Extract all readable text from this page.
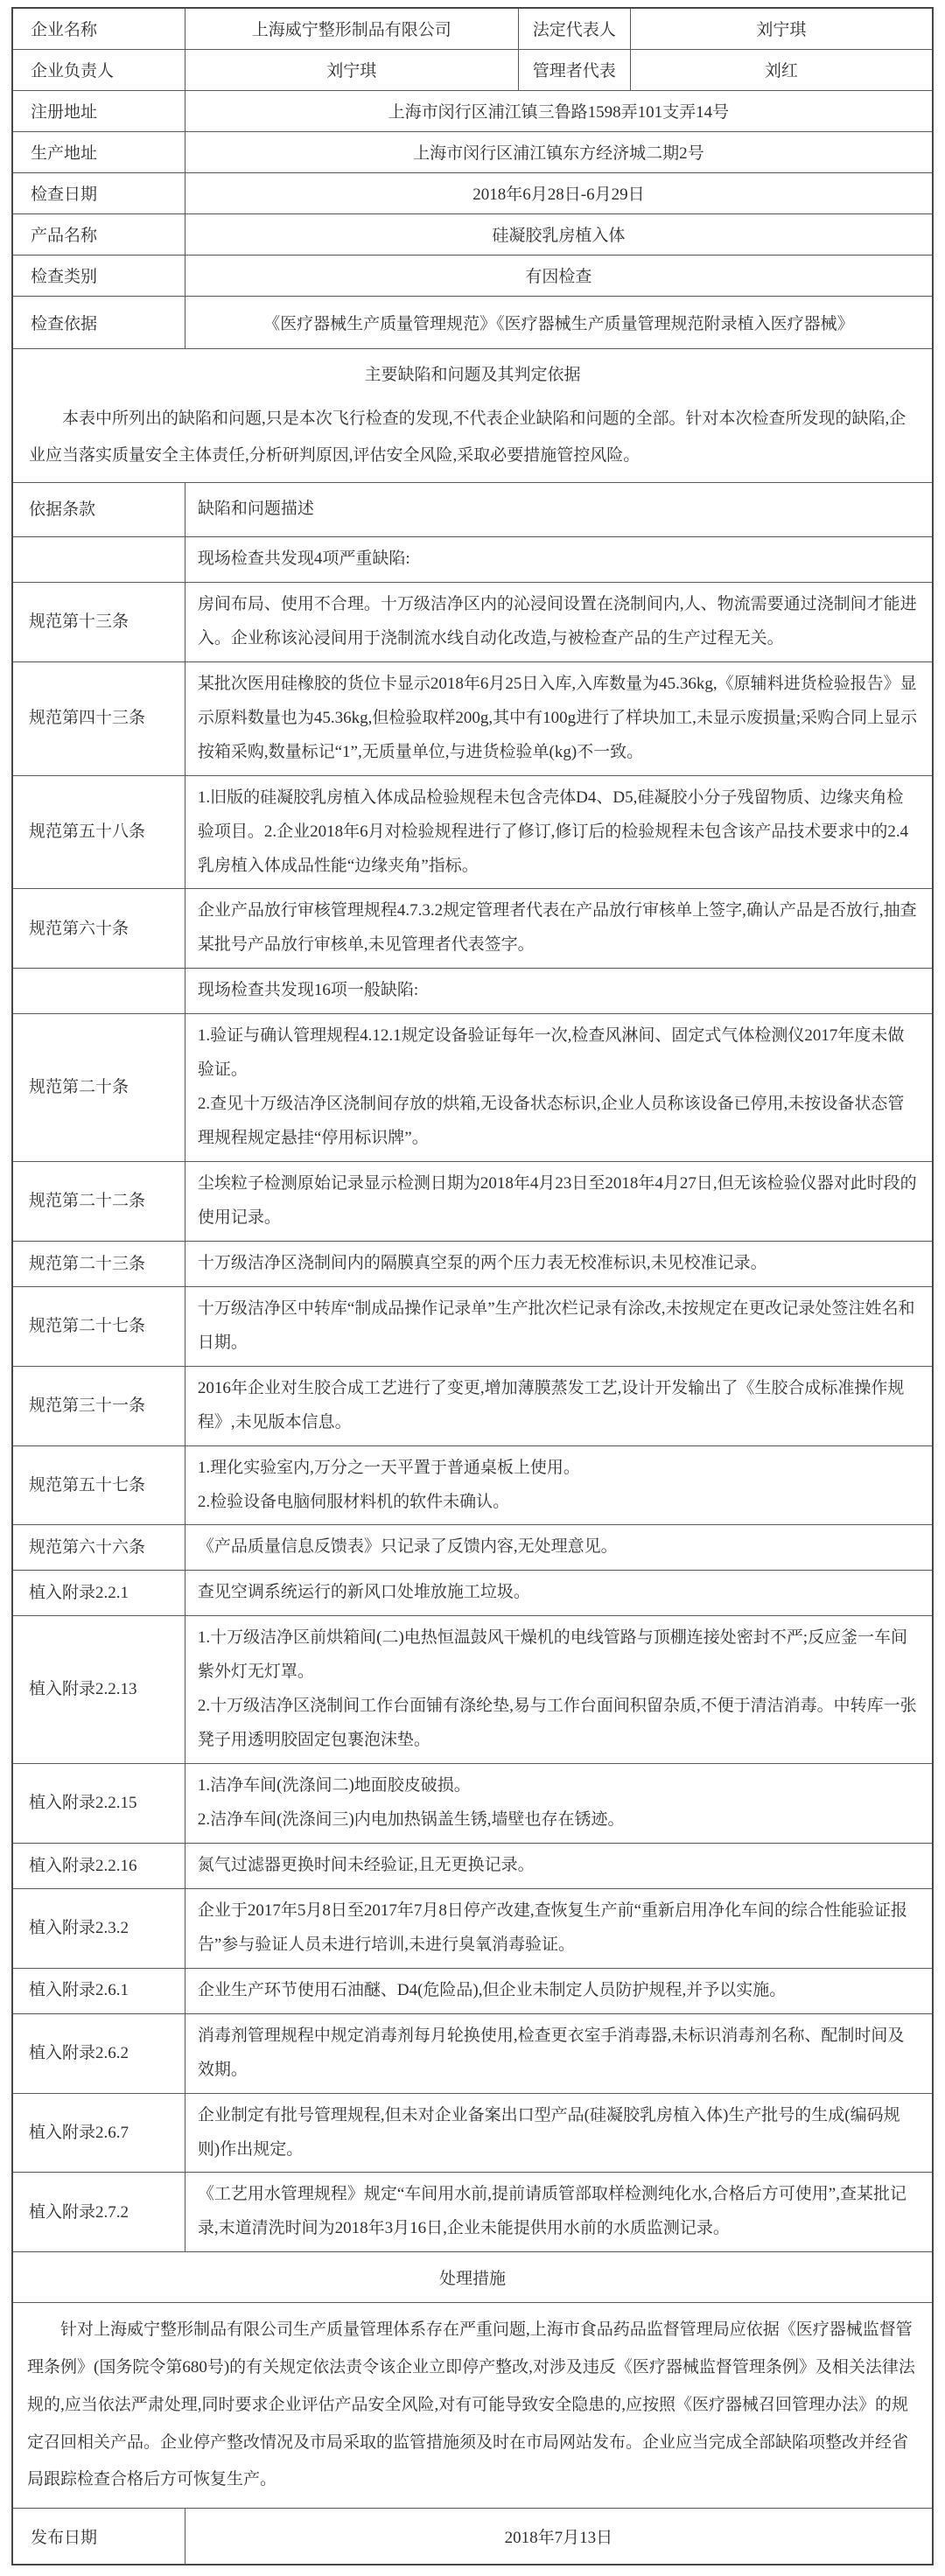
企业名称	上海威宁整形制品有限公司	法定代表人	刘宁琪
企业负责人	刘宁琪	管理者代表	刘红
注册地址	上海市闵行区浦江镇三鲁路1598弄101支弄14号		
生产地址	上海市闵行区浦江镇东方经济城二期2号		
检查日期	2018年6月28日-6月29日		
产品名称	硅凝胶乳房植入体		
检查类别	有因检查		
检查依据	《医疗器械生产质量管理规范》《医疗器械生产质量管理规范附录植入医疗器械》		

主要缺陷和问题及其判定依据

本表中所列出的缺陷和问题,只是本次飞行检查的发现,不代表企业缺陷和问题的全部。针对本次检查所发现的缺陷,企业应当落实质量安全主体责任,分析研判原因,评估安全风险,采取必要措施管控风险。			

依据条款	缺陷和问题描述		

	现场检查共发现4项严重缺陷:		

规范第十三条	房间布局、使用不合理。十万级洁净区内的沁浸间设置在浇制间内,人、物流需要通过浇制间才能进入。企业称该沁浸间用于浇制流水线自动化改造,与被检查产品的生产过程无关。		

规范第四十三条	某批次医用硅橡胶的货位卡显示2018年6月25日入库,入库数量为45.36kg,《原辅料进货检验报告》显示原料数量也为45.36kg,但检验取样200g,其中有100g进行了样块加工,未显示废损量;采购合同上显示按箱采购,数量标记“1”,无质量单位,与进货检验单(kg)不一致。		

规范第五十八条	1.旧版的硅凝胶乳房植入体成品检验规程未包含壳体D4、D5,硅凝胶小分子残留物质、边缘夹角检验项目。2.企业2018年6月对检验规程进行了修订,修订后的检验规程未包含该产品技术要求中的2.4乳房植入体成品性能“边缘夹角”指标。		

规范第六十条	企业产品放行审核管理规程4.7.3.2规定管理者代表在产品放行审核单上签字,确认产品是否放行,抽查某批号产品放行审核单,未见管理者代表签字。		

	现场检查共发现16项一般缺陷:		

规范第二十条	1.验证与确认管理规程4.12.1规定设备验证每年一次,检查风淋间、固定式气体检测仪2017年度未做验证。

2.查见十万级洁净区浇制间存放的烘箱,无设备状态标识,企业人员称该设备已停用,未按设备状态管理规程规定悬挂“停用标识牌”。		

规范第二十二条	尘埃粒子检测原始记录显示检测日期为2018年4月23日至2018年4月27日,但无该检验仪器对此时段的使用记录。		

规范第二十三条	十万级洁净区浇制间内的隔膜真空泵的两个压力表无校准标识,未见校准记录。		

规范第二十七条	十万级洁净区中转库“制成品操作记录单”生产批次栏记录有涂改,未按规定在更改记录处签注姓名和日期。		

规范第三十一条	2016年企业对生胶合成工艺进行了变更,增加薄膜蒸发工艺,设计开发输出了《生胶合成标准操作规程》,未见版本信息。		

规范第五十七条	1.理化实验室内,万分之一天平置于普通桌板上使用。

2.检验设备电脑伺服材料机的软件未确认。		

规范第六十六条	《产品质量信息反馈表》只记录了反馈内容,无处理意见。		

植入附录2.2.1	查见空调系统运行的新风口处堆放施工垃圾。		

植入附录2.2.13	1.十万级洁净区前烘箱间(二)电热恒温鼓风干燥机的电线管路与顶棚连接处密封不严;反应釜一车间紫外灯无灯罩。

2.十万级洁净区浇制间工作台面铺有涤纶垫,易与工作台面间积留杂质,不便于清洁消毒。中转库一张凳子用透明胶固定包裹泡沫垫。		

植入附录2.2.15	1.洁净车间(洗涤间二)地面胶皮破损。

2.洁净车间(洗涤间三)内电加热锅盖生锈,墙壁也存在锈迹。		

植入附录2.2.16	氮气过滤器更换时间未经验证,且无更换记录。		

植入附录2.3.2	企业于2017年5月8日至2017年7月8日停产改建,查恢复生产前“重新启用净化车间的综合性能验证报告”参与验证人员未进行培训,未进行臭氧消毒验证。		

植入附录2.6.1	企业生产环节使用石油醚、D4(危险品),但企业未制定人员防护规程,并予以实施。		

植入附录2.6.2	消毒剂管理规程中规定消毒剂每月轮换使用,检查更衣室手消毒器,未标识消毒剂名称、配制时间及效期。		

植入附录2.6.7	企业制定有批号管理规程,但未对企业备案出口型产品(硅凝胶乳房植入体)生产批号的生成(编码规则)作出规定。		

植入附录2.7.2	《工艺用水管理规程》规定“车间用水前,提前请质管部取样检测纯化水,合格后方可使用”,查某批记录,末道清洗时间为2018年3月16日,企业未能提供用水前的水质监测记录。		

处理措施			

针对上海威宁整形制品有限公司生产质量管理体系存在严重问题,上海市食品药品监督管理局应依据《医疗器械监督管理条例》(国务院令第680号)的有关规定依法责令该企业立即停产整改,对涉及违反《医疗器械监督管理条例》及相关法律法规的,应当依法严肃处理,同时要求企业评估产品安全风险,对有可能导致安全隐患的,应按照《医疗器械召回管理办法》的规定召回相关产品。企业停产整改情况及市局采取的监管措施须及时在市局网站发布。企业应当完成全部缺陷项整改并经省局跟踪检查合格后方可恢复生产。			

发布日期	2018年7月13日		
